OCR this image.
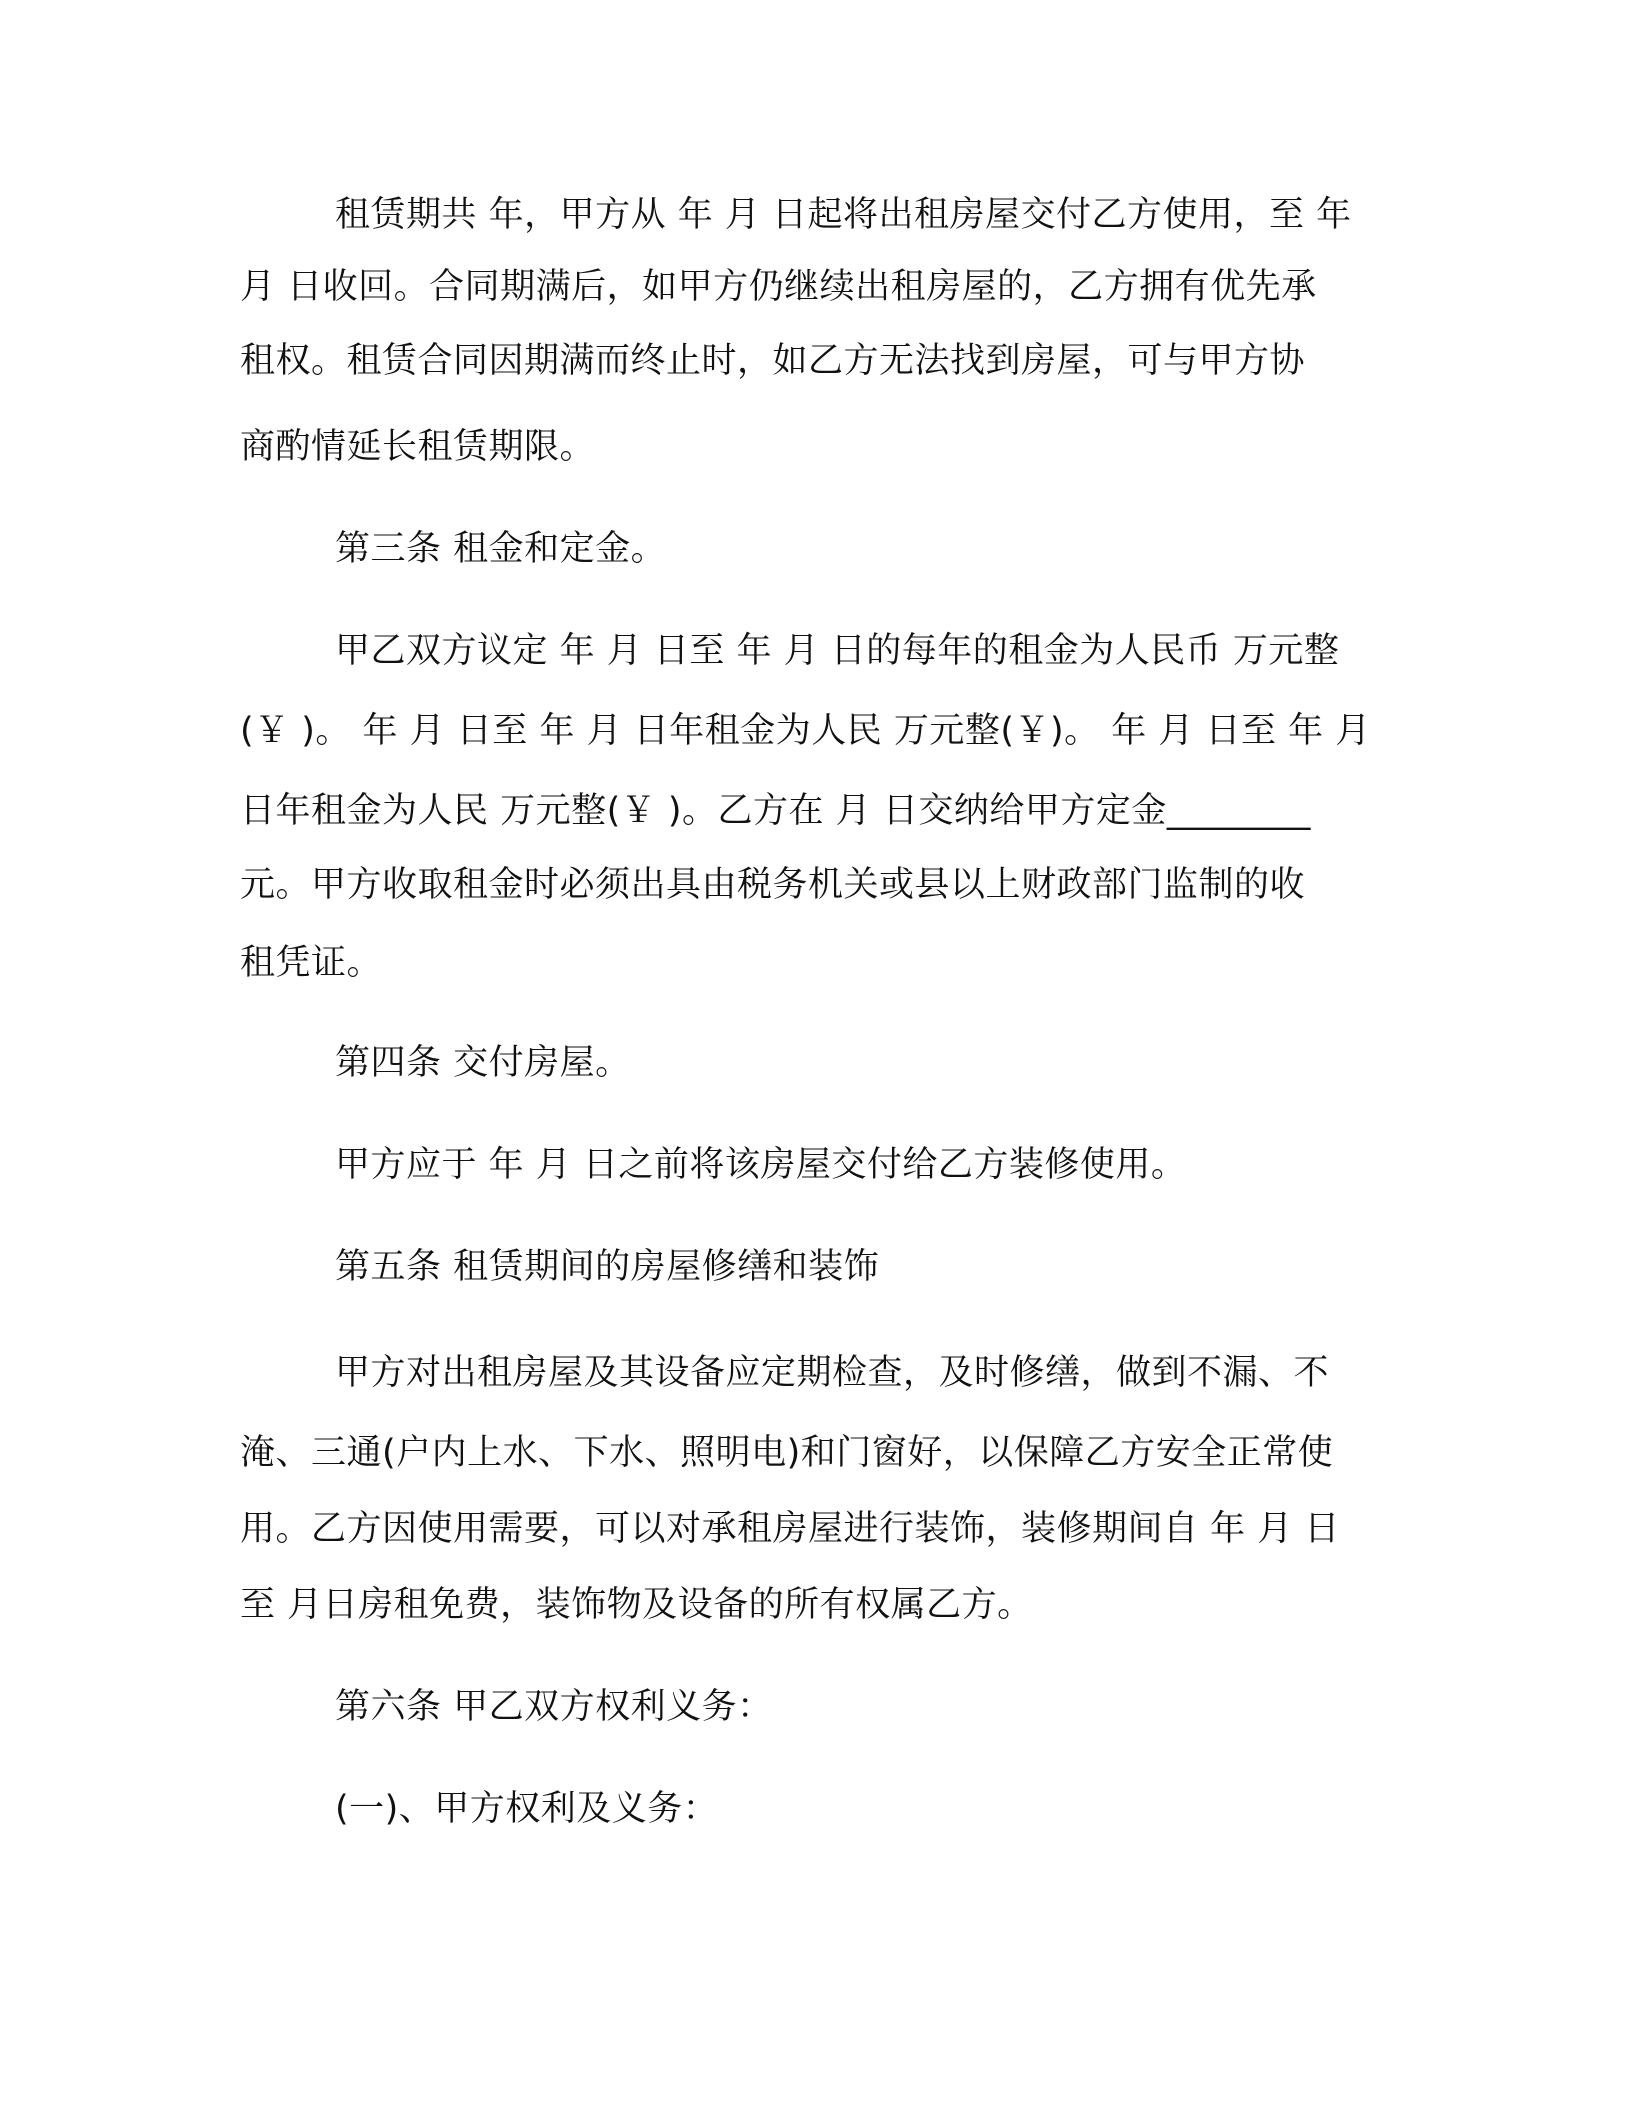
租赁期共 年，甲方从 年 月 日起将出租房屋交付乙方使用，至 年
月 日收回。合同期满后，如甲方仍继续出租房屋的，乙方拥有优先承
租权。租赁合同因期满而终止时，如乙方无法找到房屋，可与甲方协
商酌情延长租赁期限。
第三条 租金和定金。
甲乙双方议定 年 月 日至 年 月 日的每年的租金为人民币 万元整
(￥ )。 年 月 日至 年 月 日年租金为人民 万元整(￥)。 年 月 日至 年 月
日年租金为人民 万元整(￥ )。乙方在 月 日交纳给甲方定金________
元。甲方收取租金时必须出具由税务机关或县以上财政部门监制的收
租凭证。
第四条 交付房屋。
甲方应于 年 月 日之前将该房屋交付给乙方装修使用。
第五条 租赁期间的房屋修缮和装饰
甲方对出租房屋及其设备应定期检查，及时修缮，做到不漏、不
淹、三通(户内上水、下水、照明电)和门窗好，以保障乙方安全正常使
用。乙方因使用需要，可以对承租房屋进行装饰，装修期间自 年 月 日
至 月日房租免费，装饰物及设备的所有权属乙方。
第六条 甲乙双方权利义务：
(一)、甲方权利及义务：
